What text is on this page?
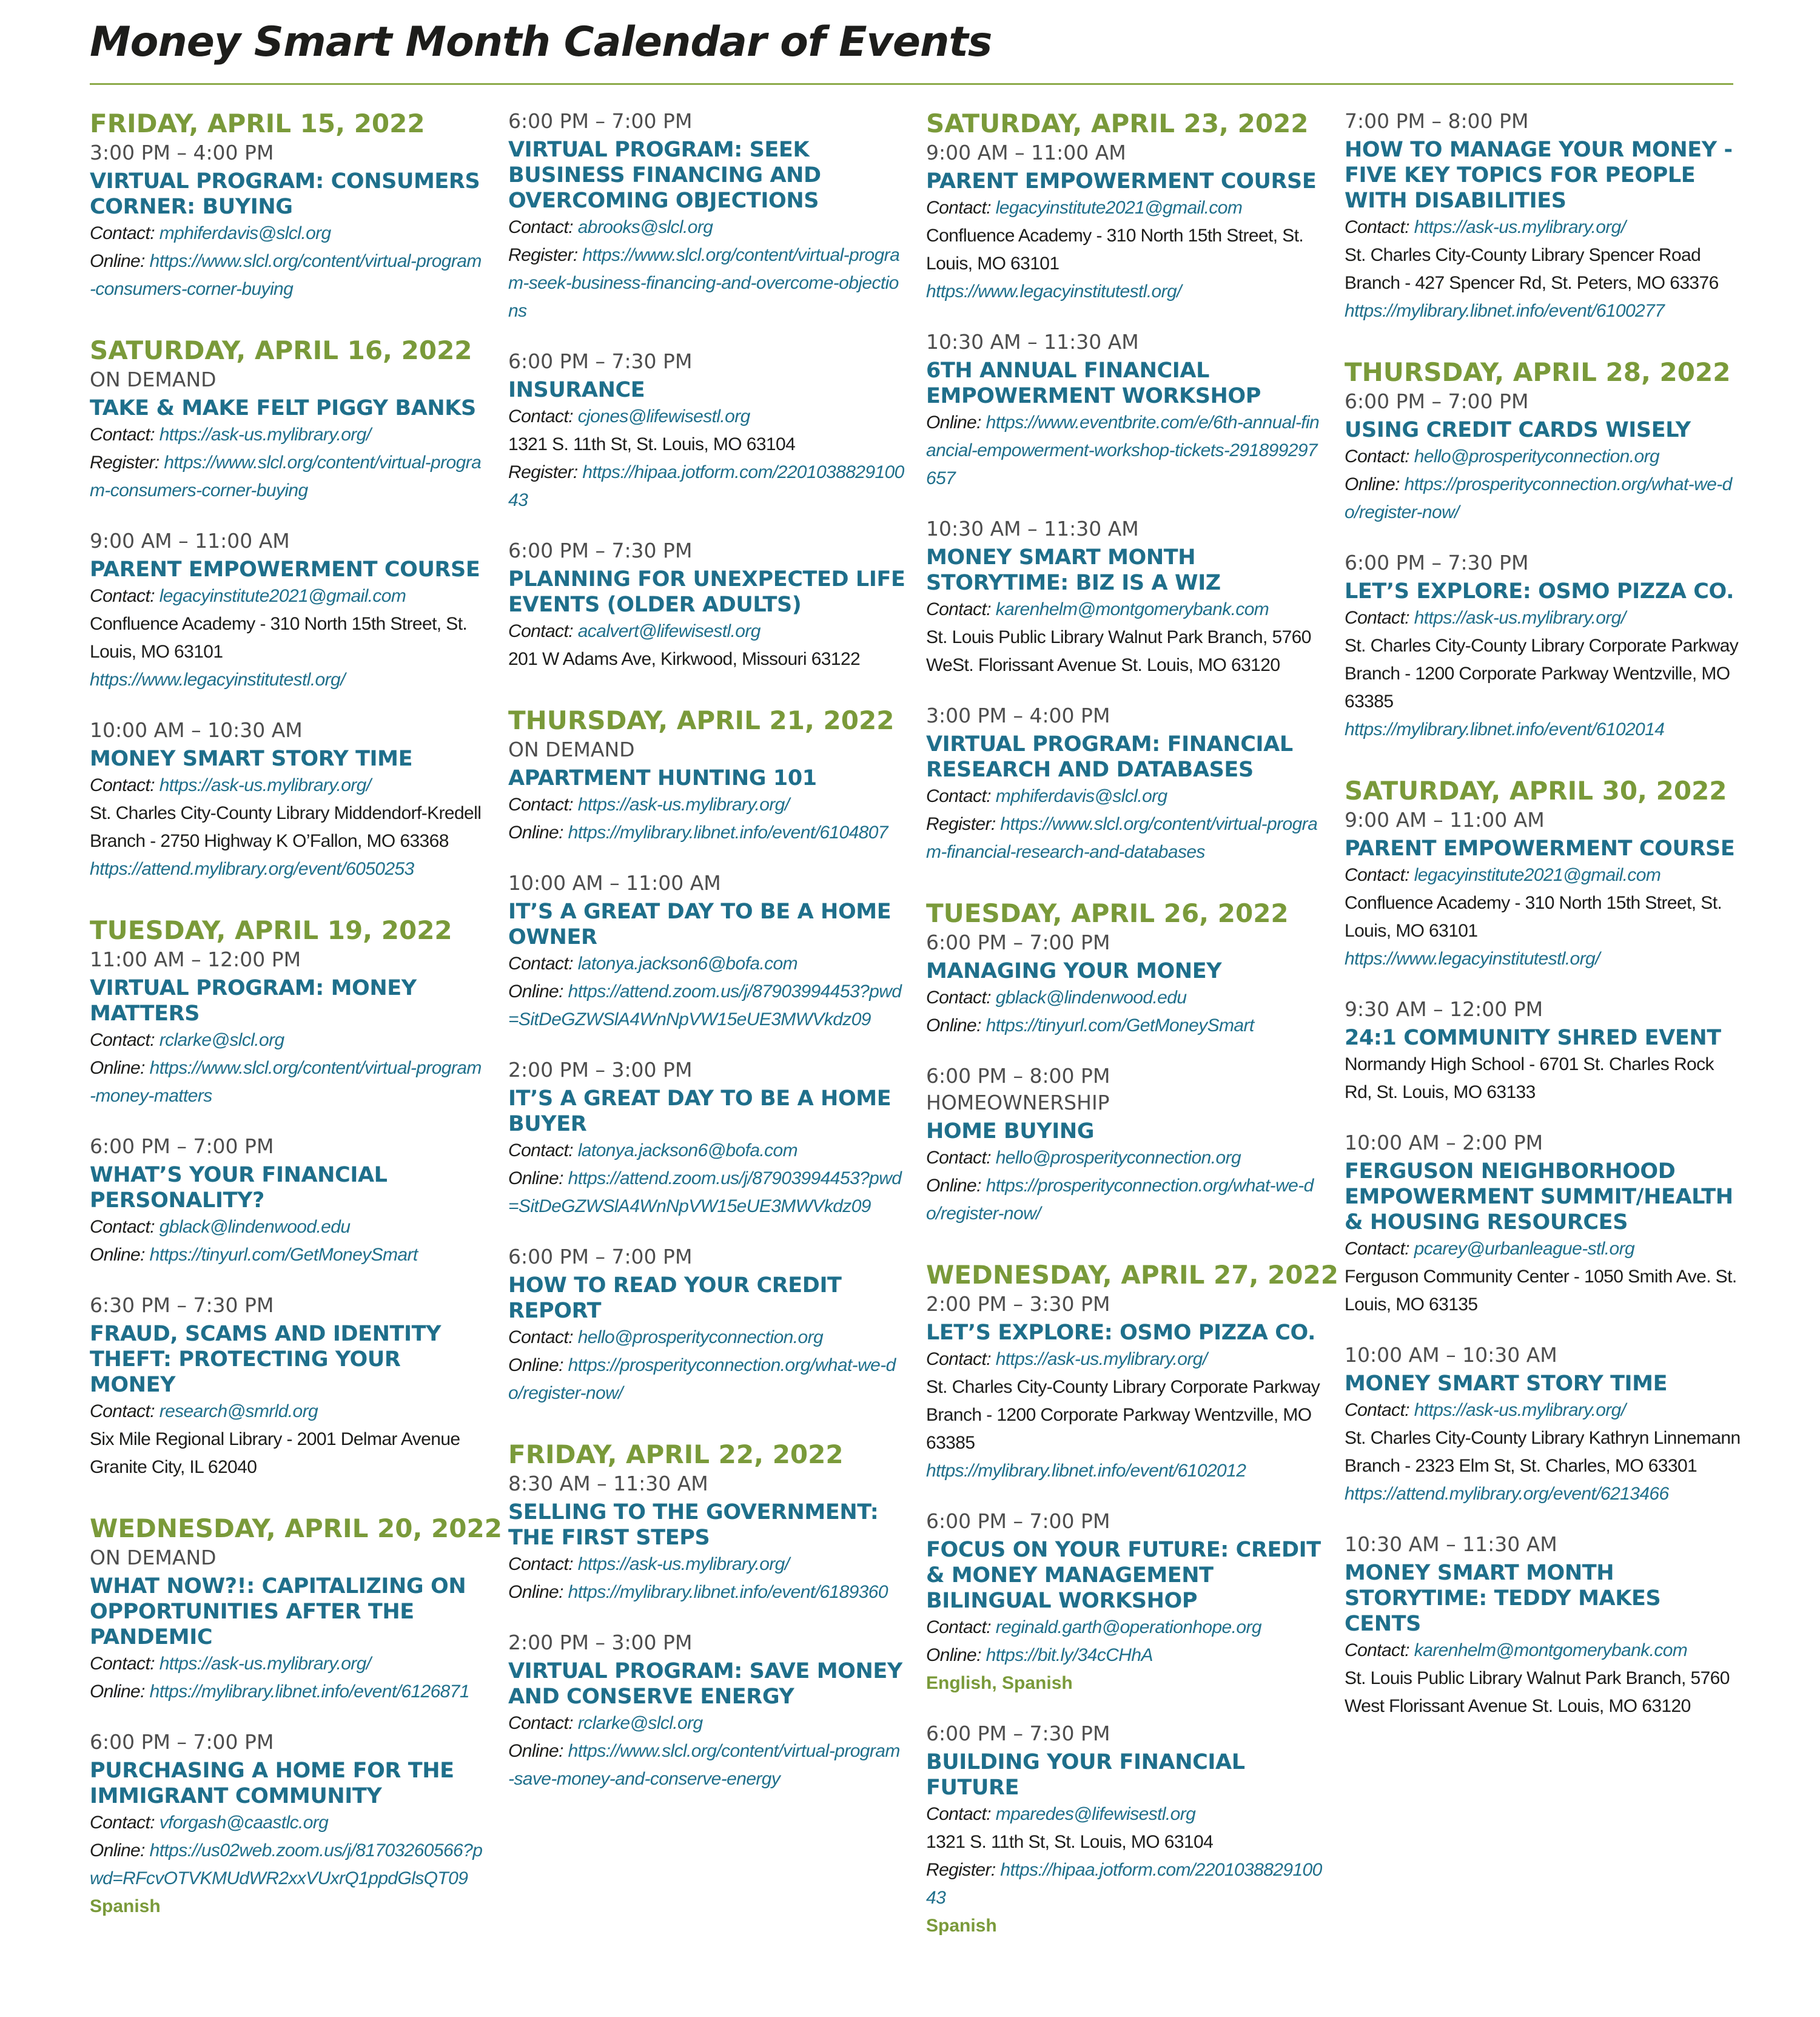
Money Smart Month Calendar of Events
FRIDAY, APRIL 15, 2022
3:00 PM – 4:00 PM
VIRTUAL PROGRAM: CONSUMERS CORNER: BUYING
Contact: mphiferdavis@slcl.org
Online: https://www.slcl.org/content/virtual-program-consumers-corner-buying
SATURDAY, APRIL 16, 2022
ON DEMAND
TAKE & MAKE FELT PIGGY BANKS
Contact: https://ask-us.mylibrary.org/
Register: https://www.slcl.org/content/virtual-program-consumers-corner-buying
9:00 AM – 11:00 AM
PARENT EMPOWERMENT COURSE
Contact: legacyinstitute2021@gmail.com
Confluence Academy - 310 North 15th Street, St. Louis, MO 63101
https://www.legacyinstitutestl.org/
10:00 AM – 10:30 AM
MONEY SMART STORY TIME
Contact: https://ask-us.mylibrary.org/
St. Charles City-County Library Middendorf-Kredell Branch - 2750 Highway K O’Fallon, MO 63368
https://attend.mylibrary.org/event/6050253
TUESDAY, APRIL 19, 2022
11:00 AM – 12:00 PM
VIRTUAL PROGRAM: MONEY MATTERS
Contact: rclarke@slcl.org
Online: https://www.slcl.org/content/virtual-program-money-matters
6:00 PM – 7:00 PM
WHAT’S YOUR FINANCIAL PERSONALITY?
Contact: gblack@lindenwood.edu
Online: https://tinyurl.com/GetMoneySmart
6:30 PM – 7:30 PM
FRAUD, SCAMS AND IDENTITY THEFT: PROTECTING YOUR MONEY
Contact: research@smrld.org
Six Mile Regional Library - 2001 Delmar Avenue Granite City, IL 62040
WEDNESDAY, APRIL 20, 2022
ON DEMAND
WHAT NOW?!: CAPITALIZING ON OPPORTUNITIES AFTER THE PANDEMIC
Contact: https://ask-us.mylibrary.org/
Online: https://mylibrary.libnet.info/event/6126871
6:00 PM – 7:00 PM
PURCHASING A HOME FOR THE IMMIGRANT COMMUNITY
Contact: vforgash@caastlc.org
Online: https://us02web.zoom.us/j/81703260566?pwd=RFcvOTVKMUdWR2xxVUxrQ1ppdGlsQT09
Spanish
6:00 PM – 7:00 PM
VIRTUAL PROGRAM: SEEK BUSINESS FINANCING AND OVERCOMING OBJECTIONS
Contact: abrooks@slcl.org
Register: https://www.slcl.org/content/virtual-program-seek-business-financing-and-overcome-objections
6:00 PM – 7:30 PM
INSURANCE
Contact: cjones@lifewisestl.org
1321 S. 11th St, St. Louis, MO 63104
Register: https://hipaa.jotform.com/220103882910043
6:00 PM – 7:30 PM
PLANNING FOR UNEXPECTED LIFE EVENTS (OLDER ADULTS)
Contact: acalvert@lifewisestl.org
201 W Adams Ave, Kirkwood, Missouri 63122
THURSDAY, APRIL 21, 2022
ON DEMAND
APARTMENT HUNTING 101
Contact: https://ask-us.mylibrary.org/
Online: https://mylibrary.libnet.info/event/6104807
10:00 AM – 11:00 AM
IT’S A GREAT DAY TO BE A HOME OWNER
Contact: latonya.jackson6@bofa.com
Online: https://attend.zoom.us/j/87903994453?pwd=SitDeGZWSlA4WnNpVW15eUE3MWVkdz09
2:00 PM – 3:00 PM
IT’S A GREAT DAY TO BE A HOME BUYER
Contact: latonya.jackson6@bofa.com
Online: https://attend.zoom.us/j/87903994453?pwd=SitDeGZWSlA4WnNpVW15eUE3MWVkdz09
6:00 PM – 7:00 PM
HOW TO READ YOUR CREDIT REPORT
Contact: hello@prosperityconnection.org
Online: https://prosperityconnection.org/what-we-do/register-now/
FRIDAY, APRIL 22, 2022
8:30 AM – 11:30 AM
SELLING TO THE GOVERNMENT: THE FIRST STEPS
Contact: https://ask-us.mylibrary.org/
Online: https://mylibrary.libnet.info/event/6189360
2:00 PM – 3:00 PM
VIRTUAL PROGRAM: SAVE MONEY AND CONSERVE ENERGY
Contact: rclarke@slcl.org
Online: https://www.slcl.org/content/virtual-program-save-money-and-conserve-energy
SATURDAY, APRIL 23, 2022
9:00 AM – 11:00 AM
PARENT EMPOWERMENT COURSE
Contact: legacyinstitute2021@gmail.com
Confluence Academy - 310 North 15th Street, St. Louis, MO 63101
https://www.legacyinstitutestl.org/
10:30 AM – 11:30 AM
6TH ANNUAL FINANCIAL EMPOWERMENT WORKSHOP
Online: https://www.eventbrite.com/e/6th-annual-financial-empowerment-workshop-tickets-291899297657
10:30 AM – 11:30 AM
MONEY SMART MONTH STORYTIME: BIZ IS A WIZ
Contact: karenhelm@montgomerybank.com
St. Louis Public Library Walnut Park Branch, 5760 WeSt. Florissant Avenue St. Louis, MO 63120
3:00 PM – 4:00 PM
VIRTUAL PROGRAM: FINANCIAL RESEARCH AND DATABASES
Contact: mphiferdavis@slcl.org
Register: https://www.slcl.org/content/virtual-program-financial-research-and-databases
TUESDAY, APRIL 26, 2022
6:00 PM – 7:00 PM
MANAGING YOUR MONEY
Contact: gblack@lindenwood.edu
Online: https://tinyurl.com/GetMoneySmart
6:00 PM – 8:00 PM
HOMEOWNERSHIP
HOME BUYING
Contact: hello@prosperityconnection.org
Online: https://prosperityconnection.org/what-we-do/register-now/
WEDNESDAY, APRIL 27, 2022
2:00 PM – 3:30 PM
LET’S EXPLORE: OSMO PIZZA CO.
Contact: https://ask-us.mylibrary.org/
St. Charles City-County Library Corporate Parkway Branch - 1200 Corporate Parkway Wentzville, MO 63385
https://mylibrary.libnet.info/event/6102012
6:00 PM – 7:00 PM
FOCUS ON YOUR FUTURE: CREDIT & MONEY MANAGEMENT BILINGUAL WORKSHOP
Contact: reginald.garth@operationhope.org
Online: https://bit.ly/34cCHhA
English, Spanish
6:00 PM – 7:30 PM
BUILDING YOUR FINANCIAL FUTURE
Contact: mparedes@lifewisestl.org
1321 S. 11th St, St. Louis, MO 63104
Register: https://hipaa.jotform.com/220103882910043
Spanish
7:00 PM – 8:00 PM
HOW TO MANAGE YOUR MONEY - FIVE KEY TOPICS FOR PEOPLE WITH DISABILITIES
Contact: https://ask-us.mylibrary.org/
St. Charles City-County Library Spencer Road Branch - 427 Spencer Rd, St. Peters, MO 63376
https://mylibrary.libnet.info/event/6100277
THURSDAY, APRIL 28, 2022
6:00 PM – 7:00 PM
USING CREDIT CARDS WISELY
Contact: hello@prosperityconnection.org
Online: https://prosperityconnection.org/what-we-do/register-now/
6:00 PM – 7:30 PM
LET’S EXPLORE: OSMO PIZZA CO.
Contact: https://ask-us.mylibrary.org/
St. Charles City-County Library Corporate Parkway Branch - 1200 Corporate Parkway Wentzville, MO 63385
https://mylibrary.libnet.info/event/6102014
SATURDAY, APRIL 30, 2022
9:00 AM – 11:00 AM
PARENT EMPOWERMENT COURSE
Contact: legacyinstitute2021@gmail.com
Confluence Academy - 310 North 15th Street, St. Louis, MO 63101
https://www.legacyinstitutestl.org/
9:30 AM – 12:00 PM
24:1 COMMUNITY SHRED EVENT
Normandy High School - 6701 St. Charles Rock Rd, St. Louis, MO 63133
10:00 AM – 2:00 PM
FERGUSON NEIGHBORHOOD EMPOWERMENT SUMMIT/HEALTH & HOUSING RESOURCES
Contact: pcarey@urbanleague-stl.org
Ferguson Community Center - 1050 Smith Ave. St. Louis, MO 63135
10:00 AM – 10:30 AM
MONEY SMART STORY TIME
Contact: https://ask-us.mylibrary.org/
St. Charles City-County Library Kathryn Linnemann Branch - 2323 Elm St, St. Charles, MO 63301
https://attend.mylibrary.org/event/6213466
10:30 AM – 11:30 AM
MONEY SMART MONTH STORYTIME: TEDDY MAKES CENTS
Contact: karenhelm@montgomerybank.com
St. Louis Public Library Walnut Park Branch, 5760 West Florissant Avenue St. Louis, MO 63120
